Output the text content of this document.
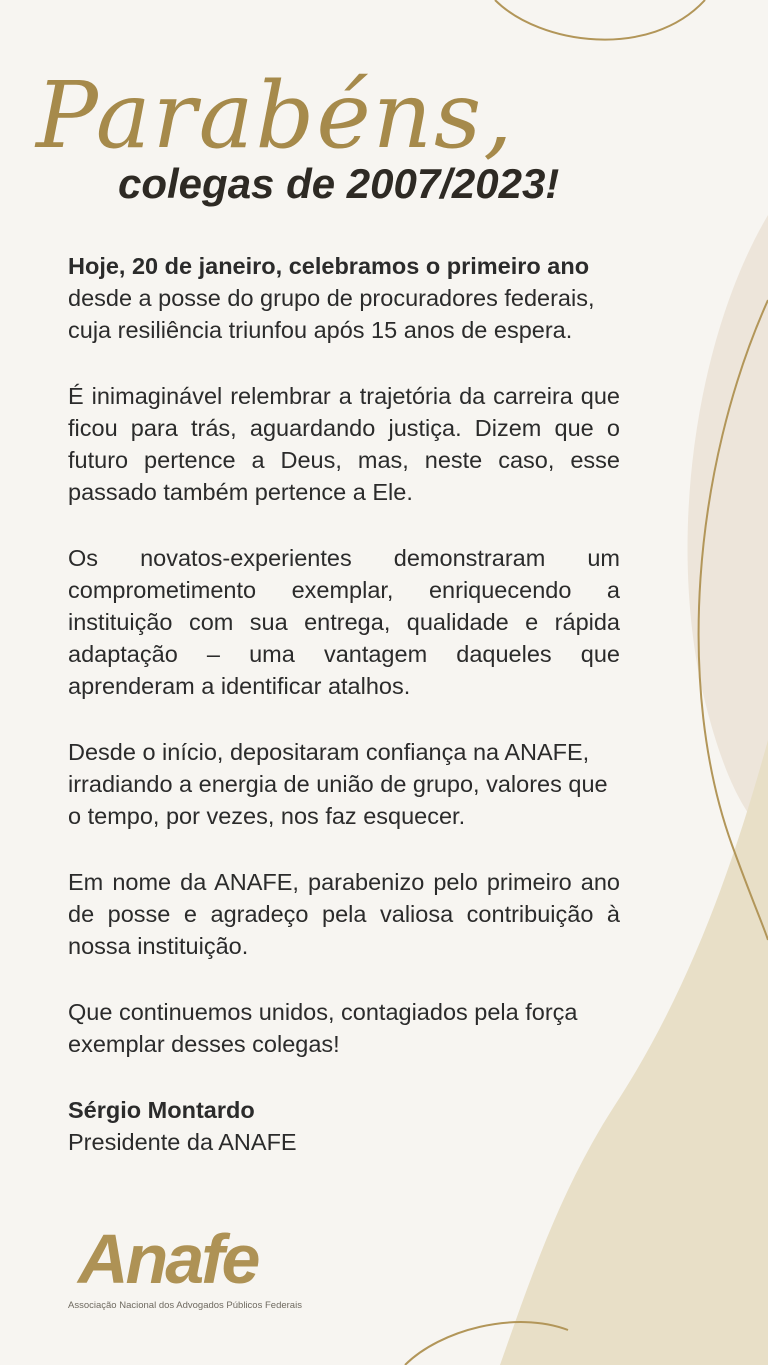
Parabéns,
colegas de 2007/2023!

Hoje, 20 de janeiro, celebramos o primeiro ano desde a posse do grupo de procuradores federais, cuja resiliência triunfou após 15 anos de espera.

É inimaginável relembrar a trajetória da carreira que ficou para trás, aguardando justiça. Dizem que o futuro pertence a Deus, mas, neste caso, esse passado também pertence a Ele.

Os novatos-experientes demonstraram um comprometimento exemplar, enriquecendo a instituição com sua entrega, qualidade e rápida adaptação – uma vantagem daqueles que aprenderam a identificar atalhos.

Desde o início, depositaram confiança na ANAFE, irradiando a energia de união de grupo, valores que o tempo, por vezes, nos faz esquecer.

Em nome da ANAFE, parabenizo pelo primeiro ano de posse e agradeço pela valiosa contribuição à nossa instituição.

Que continuemos unidos, contagiados pela força exemplar desses colegas!

Sérgio Montardo
Presidente da ANAFE
Anafe
Associação Nacional dos Advogados Públicos Federais
